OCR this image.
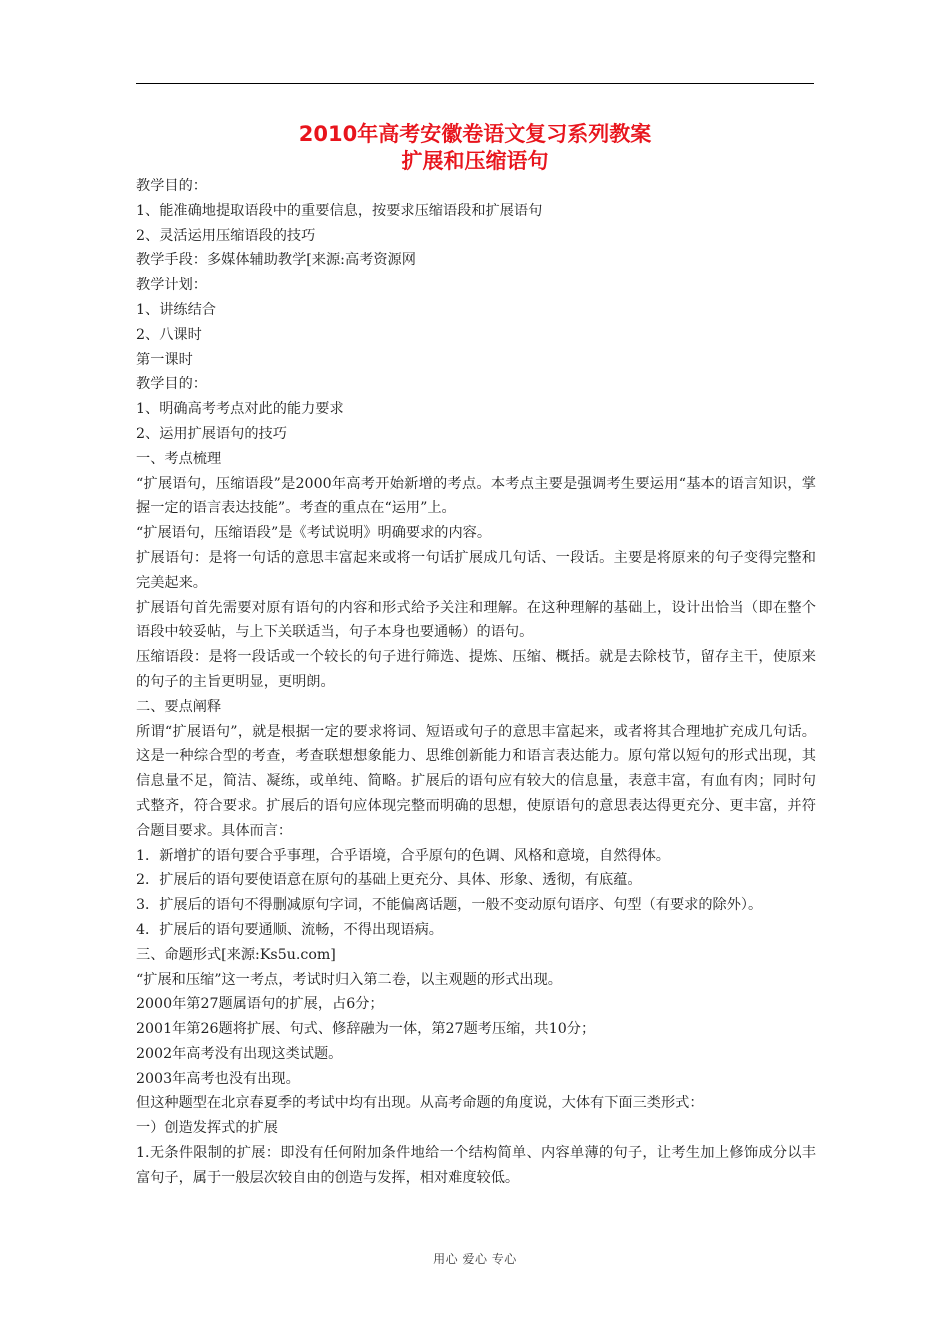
2010年高考安徽卷语文复习系列教案
扩展和压缩语句

教学目的：

1、能准确地提取语段中的重要信息，按要求压缩语段和扩展语句

2、灵活运用压缩语段的技巧

教学手段：多媒体辅助教学[来源:高考资源网

教学计划：

1、讲练结合

2、八课时

第一课时

教学目的：

1、明确高考考点对此的能力要求

2、运用扩展语句的技巧

一、考点梳理

“扩展语句，压缩语段”是2000年高考开始新增的考点。本考点主要是强调考生要运用“基本的语言知识，掌握一定的语言表达技能”。考查的重点在“运用”上。

“扩展语句，压缩语段”是《考试说明》明确要求的内容。

扩展语句：是将一句话的意思丰富起来或将一句话扩展成几句话、一段话。主要是将原来的句子变得完整和完美起来。

扩展语句首先需要对原有语句的内容和形式给予关注和理解。在这种理解的基础上，设计出恰当（即在整个语段中较妥帖，与上下关联适当，句子本身也要通畅）的语句。

压缩语段：是将一段话或一个较长的句子进行筛选、提炼、压缩、概括。就是去除枝节，留存主干，使原来的句子的主旨更明显，更明朗。

二、要点阐释

所谓“扩展语句”，就是根据一定的要求将词、短语或句子的意思丰富起来，或者将其合理地扩充成几句话。这是一种综合型的考查，考查联想想象能力、思维创新能力和语言表达能力。原句常以短句的形式出现，其信息量不足，简洁、凝练，或单纯、简略。扩展后的语句应有较大的信息量，表意丰富，有血有肉；同时句式整齐，符合要求。扩展后的语句应体现完整而明确的思想，使原语句的意思表达得更充分、更丰富，并符合题目要求。具体而言：

1．新增扩的语句要合乎事理，合乎语境，合乎原句的色调、风格和意境，自然得体。

2．扩展后的语句要使语意在原句的基础上更充分、具体、形象、透彻，有底蕴。

3．扩展后的语句不得删减原句字词，不能偏离话题，一般不变动原句语序、句型（有要求的除外）。

4．扩展后的语句要通顺、流畅，不得出现语病。

三、命题形式[来源:Ks5u.com]

“扩展和压缩”这一考点，考试时归入第二卷，以主观题的形式出现。

2000年第27题属语句的扩展，占6分；

2001年第26题将扩展、句式、修辞融为一体，第27题考压缩，共10分；

2002年高考没有出现这类试题。

2003年高考也没有出现。

但这种题型在北京春夏季的考试中均有出现。从高考命题的角度说，大体有下面三类形式：

一）创造发挥式的扩展

1.无条件限制的扩展：即没有任何附加条件地给一个结构简单、内容单薄的句子，让考生加上修饰成分以丰富句子，属于一般层次较自由的创造与发挥，相对难度较低。

用心 爱心 专心
